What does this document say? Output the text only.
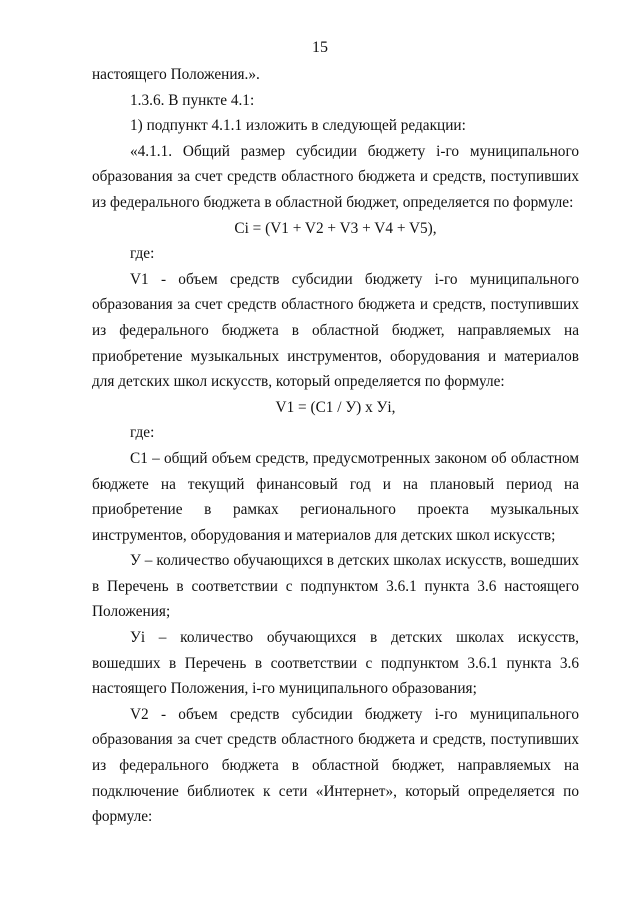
15

настоящего Положения.».

1.3.6. В пункте 4.1:

1) подпункт 4.1.1 изложить в следующей редакции:

«4.1.1. Общий размер субсидии бюджету i-го муниципального образования за счет средств областного бюджета и средств, поступивших из федерального бюджета в областной бюджет, определяется по формуле:

Ci = (V1 + V2 + V3 + V4 + V5),

где:

V1 - объем средств субсидии бюджету i-го муниципального образования за счет средств областного бюджета и средств, поступивших из федерального бюджета в областной бюджет, направляемых на приобретение музыкальных инструментов, оборудования и материалов для детских школ искусств, который определяется по формуле:

V1 = (C1 / У) х Уi,

где:

C1 – общий объем средств, предусмотренных законом об областном бюджете на текущий финансовый год и на плановый период на приобретение в рамках регионального проекта музыкальных инструментов, оборудования и материалов для детских школ искусств;

У – количество обучающихся в детских школах искусств, вошедших в Перечень в соответствии с подпунктом 3.6.1 пункта 3.6 настоящего Положения;

Уi – количество обучающихся в детских школах искусств, вошедших в Перечень в соответствии с подпунктом 3.6.1 пункта 3.6 настоящего Положения, i-го муниципального образования;

V2 - объем средств субсидии бюджету i-го муниципального образования за счет средств областного бюджета и средств, поступивших из федерального бюджета в областной бюджет, направляемых на подключение библиотек к сети «Интернет», который определяется по формуле:
